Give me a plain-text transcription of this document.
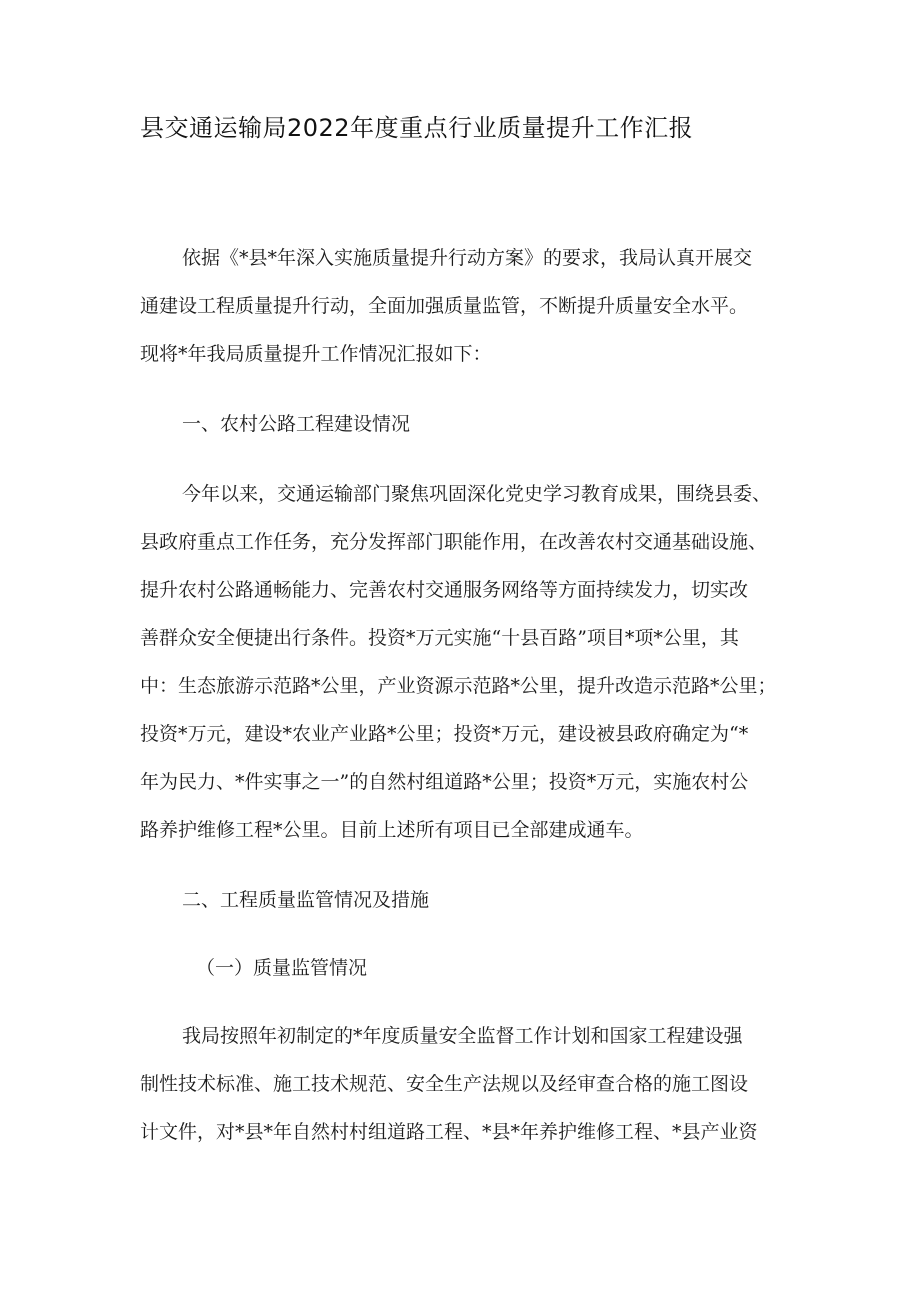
县交通运输局2022年度重点行业质量提升工作汇报
依据《*县*年深入实施质量提升行动方案》的要求，我局认真开展交
通建设工程质量提升行动，全面加强质量监管，不断提升质量安全水平。
现将*年我局质量提升工作情况汇报如下：
一、农村公路工程建设情况
今年以来，交通运输部门聚焦巩固深化党史学习教育成果，围绕县委、
县政府重点工作任务，充分发挥部门职能作用，在改善农村交通基础设施、
提升农村公路通畅能力、完善农村交通服务网络等方面持续发力，切实改
善群众安全便捷出行条件。投资*万元实施“十县百路”项目*项*公里，其
中：生态旅游示范路*公里，产业资源示范路*公里，提升改造示范路*公里；
投资*万元，建设*农业产业路*公里；投资*万元，建设被县政府确定为“*
年为民力、*件实事之一”的自然村组道路*公里；投资*万元，实施农村公
路养护维修工程*公里。目前上述所有项目已全部建成通车。
二、工程质量监管情况及措施
（一）质量监管情况
我局按照年初制定的*年度质量安全监督工作计划和国家工程建设强
制性技术标准、施工技术规范、安全生产法规以及经审查合格的施工图设
计文件，对*县*年自然村村组道路工程、*县*年养护维修工程、*县产业资
